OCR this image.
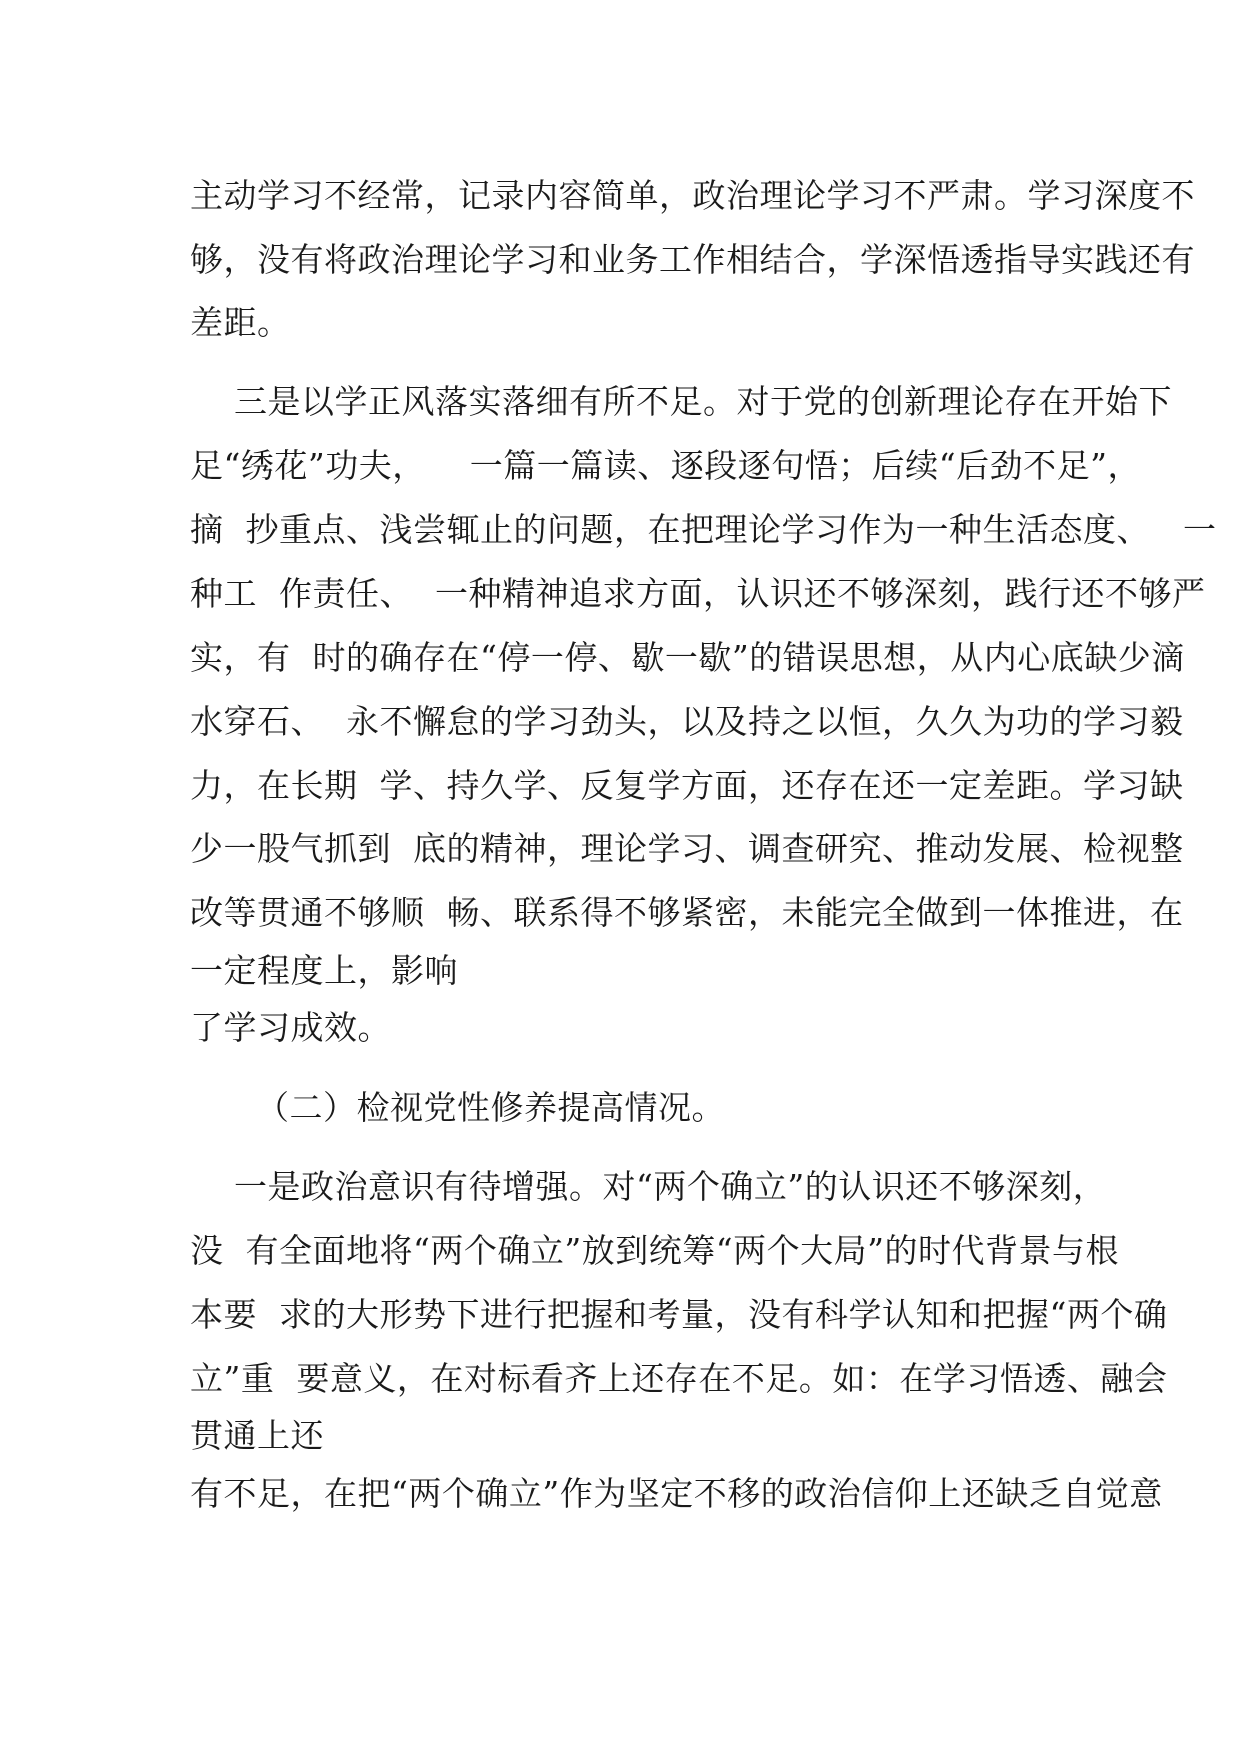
主动学习不经常，记录内容简单，政治理论学习不严肃。学习深度不
够，没有将政治理论学习和业务工作相结合，学深悟透指导实践还有
差距。
三是以学正风落实落细有所不足。对于党的创新理论存在开始下
足“绣花”功夫，    一篇一篇读、逐段逐句悟；后续“后劲不足”，
摘  抄重点、浅尝辄止的问题，在把理论学习作为一种生活态度、   一
种工  作责任、  一种精神追求方面，认识还不够深刻，践行还不够严
实，有  时的确存在“停一停、歇一歇”的错误思想，从内心底缺少滴
水穿石、  永不懈怠的学习劲头，以及持之以恒，久久为功的学习毅
力，在长期  学、持久学、反复学方面，还存在还一定差距。学习缺
少一股气抓到  底的精神，理论学习、调查研究、推动发展、检视整
改等贯通不够顺  畅、联系得不够紧密，未能完全做到一体推进，在
一定程度上，影响
了学习成效。
（二）检视党性修养提高情况。
一是政治意识有待增强。对“两个确立”的认识还不够深刻，
没  有全面地将“两个确立”放到统筹“两个大局”的时代背景与根
本要  求的大形势下进行把握和考量，没有科学认知和把握“两个确
立”重  要意义，在对标看齐上还存在不足。如：在学习悟透、融会
贯通上还
有不足，在把“两个确立”作为坚定不移的政治信仰上还缺乏自觉意
